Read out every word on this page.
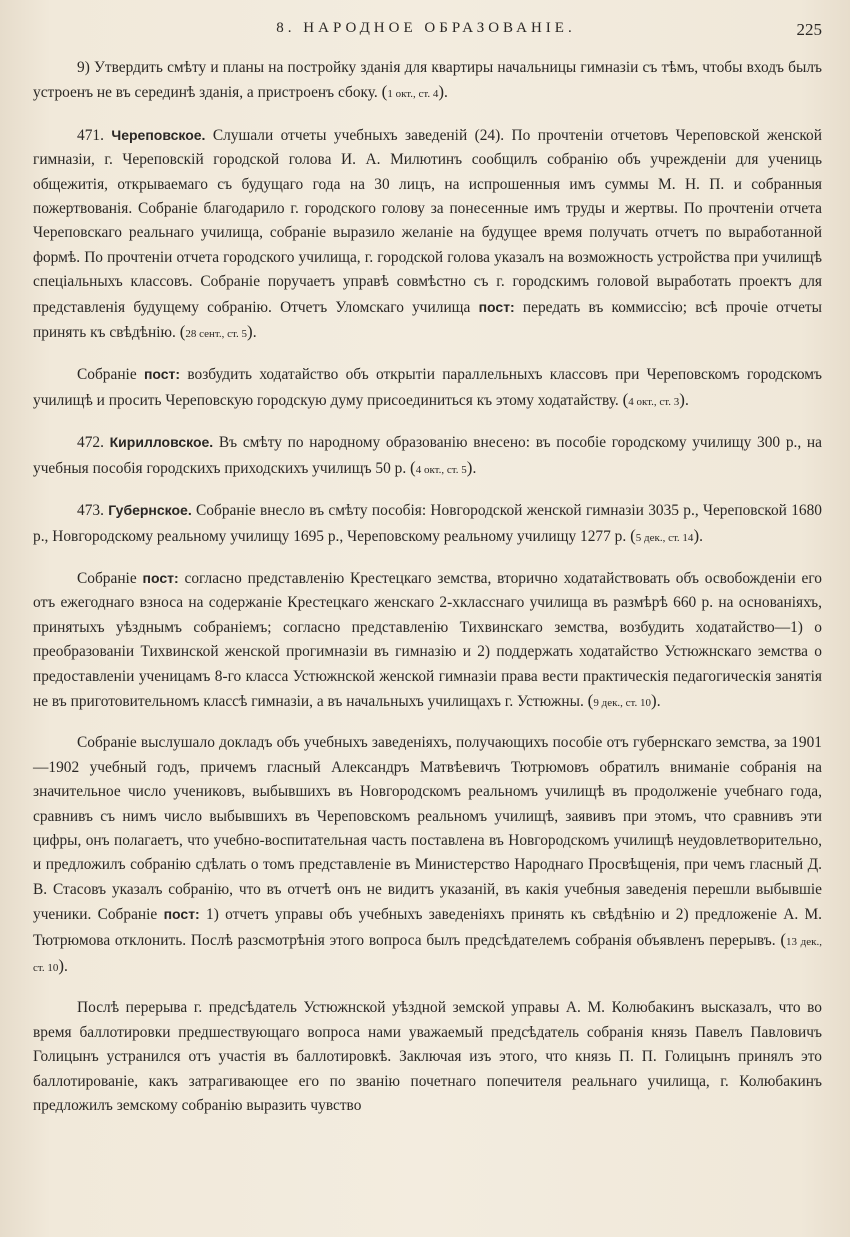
8. НАРОДНОЕ ОБРАЗОВАНІЕ.	225

9) Утвердить смѣту и планы на постройку зданія для квартиры начальницы гимназіи съ тѣмъ, чтобы входъ былъ устроенъ не въ серединѣ зданія, а пристроенъ сбоку. (1 окт., ст. 4).

471. Череповское. Слушали отчеты учебныхъ заведеній (24). По прочтеніи отчетовъ Череповской женской гимназіи, г. Череповскій городской голова И. А. Милютинъ сообщилъ собранію объ учрежденіи для учениць общежитія, открываемаго съ будущаго года на 30 лицъ, на испрошенныя имъ суммы М. Н. П. и собранныя пожертвованія. Собраніе благодарило г. городского голову за понесенные имъ труды и жертвы. По прочтеніи отчета Череповскаго реальнаго училища, собраніе выразило желаніе на будущее время получать отчетъ по выработанной формѣ. По прочтеніи отчета городского училища, г. городской голова указалъ на возможность устройства при училищѣ спеціальныхъ классовъ. Собраніе поручаетъ управѣ совмѣстно съ г. городскимъ головой выработать проектъ для представленія будущему собранію. Отчетъ Уломскаго училища пост: передать въ коммиссію; всѣ прочіе отчеты принять къ свѣдѣнію. (28 сент., ст. 5).

Собраніе пост: возбудить ходатайство объ открытіи параллельныхъ классовъ при Череповскомъ городскомъ училищѣ и просить Череповскую городскую думу присоединиться къ этому ходатайству. (4 окт., ст. 3).

472. Кирилловское. Въ смѣту по народному образованію внесено: въ пособіе городскому училищу 300 р., на учебныя пособія городскихъ приходскихъ училищъ 50 р. (4 окт., ст. 5).

473. Губернское. Собраніе внесло въ смѣту пособія: Новгородской женской гимназіи 3035 р., Череповской 1680 р., Новгородскому реальному училищу 1695 р., Череповскому реальному училищу 1277 р. (5 дек., ст. 14).

Собраніе пост: согласно представленію Крестецкаго земства, вторично ходатайствовать объ освобожденіи его отъ ежегоднаго взноса на содержаніе Крестецкаго женскаго 2-хкласснаго училища въ размѣрѣ 660 р. на основаніяхъ, принятыхъ уѣзднымъ собраніемъ; согласно представленію Тихвинскаго земства, возбудить ходатайство—1) о преобразованіи Тихвинской женской прогимназіи въ гимназію и 2) поддержать ходатайство Устюжнскаго земства о предоставленіи ученицамъ 8-го класса Устюжнской женской гимназіи права вести практическія педагогическія занятія не въ приготовительномъ классѣ гимназіи, а въ начальныхъ училищахъ г. Устюжны. (9 дек., ст. 10).

Собраніе выслушало докладъ объ учебныхъ заведеніяхъ, получающихъ пособіе отъ губернскаго земства, за 1901—1902 учебный годъ, причемъ гласный Александръ Матвѣевичъ Тютрюмовъ обратилъ вниманіе собранія на значительное число учениковъ, выбывшихъ въ Новгородскомъ реальномъ училищѣ въ продолженіе учебнаго года, сравнивъ съ нимъ число выбывшихъ въ Череповскомъ реальномъ училищѣ, заявивъ при этомъ, что сравнивъ эти цифры, онъ полагаетъ, что учебно-воспитательная часть поставлена въ Новгородскомъ училищѣ неудовлетворительно, и предложилъ собранію сдѣлать о томъ представленіе въ Министерство Народнаго Просвѣщенія, при чемъ гласный Д. В. Стасовъ указалъ собранію, что въ отчетѣ онъ не видитъ указаній, въ какія учебныя заведенія перешли выбывшіе ученики. Собраніе пост: 1) отчетъ управы объ учебныхъ заведеніяхъ принять къ свѣдѣнію и 2) предложеніе А. М. Тютрюмова отклонить. Послѣ разсмотрѣнія этого вопроса былъ предсѣдателемъ собранія объявленъ перерывъ. (13 дек., ст. 10).

Послѣ перерыва г. предсѣдатель Устюжнской уѣздной земской управы А. М. Колюбакинъ высказалъ, что во время баллотировки предшествующаго вопроса нами уважаемый предсѣдатель собранія князь Павелъ Павловичъ Голицынъ устранился отъ участія въ баллотировкѣ. Заключая изъ этого, что князь П. П. Голицынъ принялъ это баллотированіе, какъ затрагивающее его по званію почетнаго попечителя реальнаго училища, г. Колюбакинъ предложилъ земскому собранію выразить чувство
